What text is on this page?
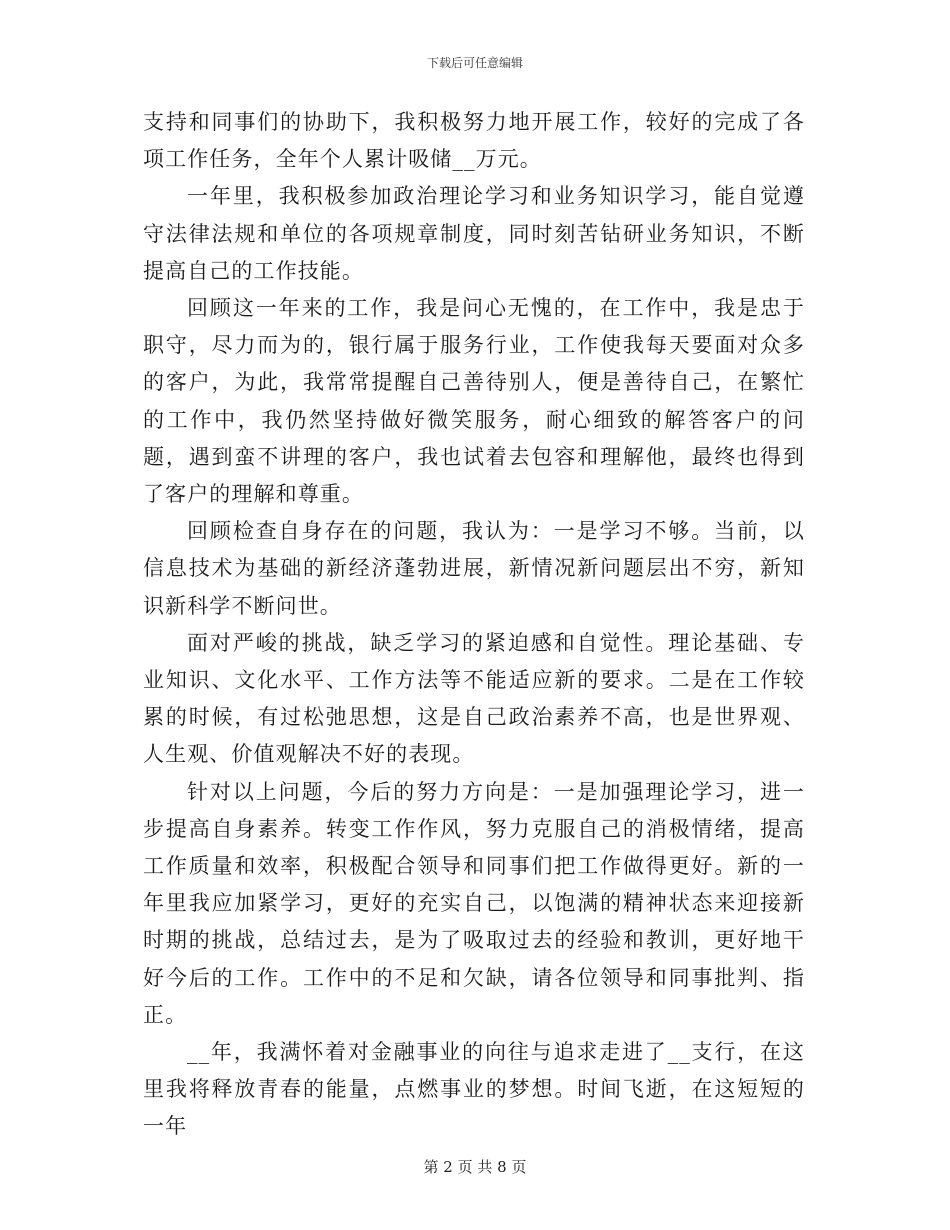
下载后可任意编辑

支持和同事们的协助下，我积极努力地开展工作，较好的完成了各项工作任务，全年个人累计吸储__万元。

一年里，我积极参加政治理论学习和业务知识学习，能自觉遵守法律法规和单位的各项规章制度，同时刻苦钻研业务知识，不断提高自己的工作技能。

回顾这一年来的工作，我是问心无愧的，在工作中，我是忠于职守，尽力而为的，银行属于服务行业，工作使我每天要面对众多的客户，为此，我常常提醒自己善待别人，便是善待自己，在繁忙的工作中，我仍然坚持做好微笑服务，耐心细致的解答客户的问题，遇到蛮不讲理的客户，我也试着去包容和理解他，最终也得到了客户的理解和尊重。

回顾检查自身存在的问题，我认为：一是学习不够。当前，以信息技术为基础的新经济蓬勃进展，新情况新问题层出不穷，新知识新科学不断问世。

面对严峻的挑战，缺乏学习的紧迫感和自觉性。理论基础、专业知识、文化水平、工作方法等不能适应新的要求。二是在工作较累的时候，有过松弛思想，这是自己政治素养不高，也是世界观、人生观、价值观解决不好的表现。

针对以上问题，今后的努力方向是：一是加强理论学习，进一步提高自身素养。转变工作作风，努力克服自己的消极情绪，提高工作质量和效率，积极配合领导和同事们把工作做得更好。新的一年里我应加紧学习，更好的充实自己，以饱满的精神状态来迎接新时期的挑战，总结过去，是为了吸取过去的经验和教训，更好地干好今后的工作。工作中的不足和欠缺，请各位领导和同事批判、指正。

__年，我满怀着对金融事业的向往与追求走进了__支行，在这里我将释放青春的能量，点燃事业的梦想。时间飞逝，在这短短的一年

第 2 页 共 8 页
